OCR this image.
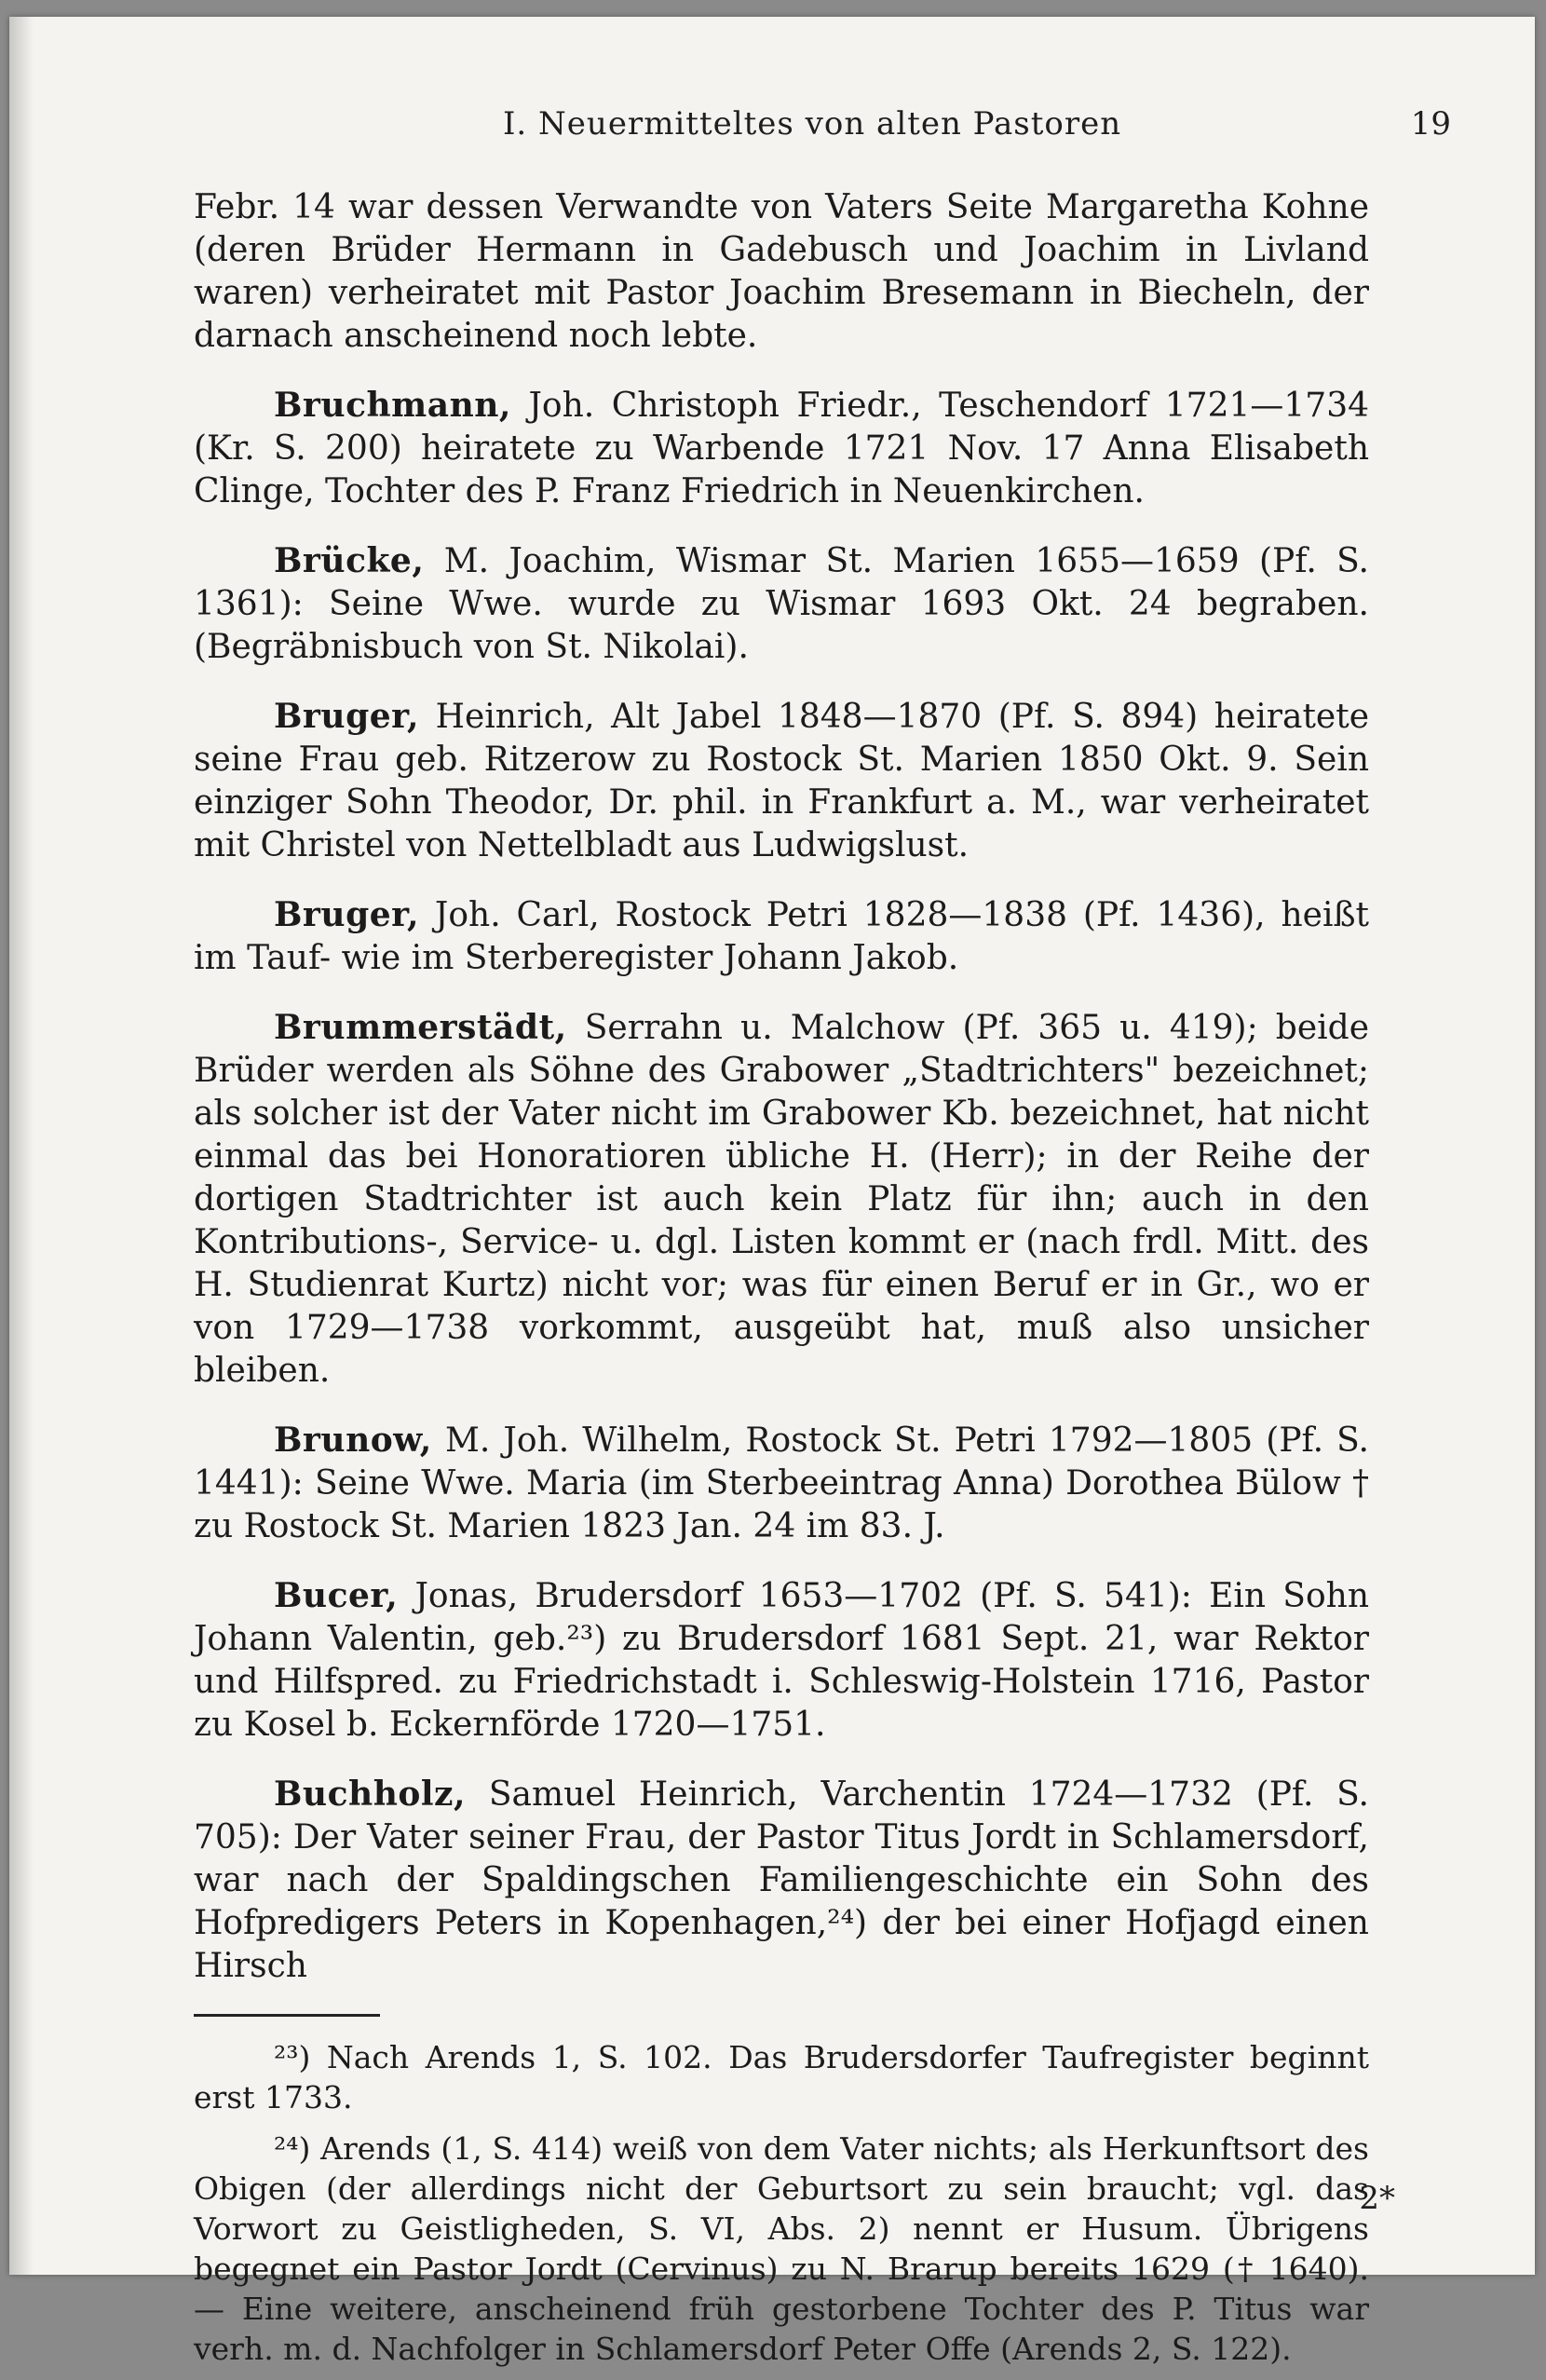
I. Neuermitteltes von alten Pastoren	19

Febr. 14 war dessen Verwandte von Vaters Seite Margaretha Kohne (deren Brüder Hermann in Gadebusch und Joachim in Livland waren) verheiratet mit Pastor Joachim Bresemann in Biecheln, der darnach anscheinend noch lebte.

Bruchmann, Joh. Christoph Friedr., Teschendorf 1721—1734 (Kr. S. 200) heiratete zu Warbende 1721 Nov. 17 Anna Elisabeth Clinge, Tochter des P. Franz Friedrich in Neuenkirchen.

Brücke, M. Joachim, Wismar St. Marien 1655—1659 (Pf. S. 1361): Seine Wwe. wurde zu Wismar 1693 Okt. 24 begraben. (Begräbnisbuch von St. Nikolai).

Bruger, Heinrich, Alt Jabel 1848—1870 (Pf. S. 894) heiratete seine Frau geb. Ritzerow zu Rostock St. Marien 1850 Okt. 9. Sein einziger Sohn Theodor, Dr. phil. in Frankfurt a. M., war verheiratet mit Christel von Nettelbladt aus Ludwigslust.

Bruger, Joh. Carl, Rostock Petri 1828—1838 (Pf. 1436), heißt im Tauf- wie im Sterberegister Johann Jakob.

Brummerstädt, Serrahn u. Malchow (Pf. 365 u. 419); beide Brüder werden als Söhne des Grabower „Stadtrichters" bezeichnet; als solcher ist der Vater nicht im Grabower Kb. bezeichnet, hat nicht einmal das bei Honoratioren übliche H. (Herr); in der Reihe der dortigen Stadtrichter ist auch kein Platz für ihn; auch in den Kontributions-, Service- u. dgl. Listen kommt er (nach frdl. Mitt. des H. Studienrat Kurtz) nicht vor; was für einen Beruf er in Gr., wo er von 1729—1738 vorkommt, ausgeübt hat, muß also unsicher bleiben.

Brunow, M. Joh. Wilhelm, Rostock St. Petri 1792—1805 (Pf. S. 1441): Seine Wwe. Maria (im Sterbeeintrag Anna) Dorothea Bülow † zu Rostock St. Marien 1823 Jan. 24 im 83. J.

Bucer, Jonas, Brudersdorf 1653—1702 (Pf. S. 541): Ein Sohn Johann Valentin, geb.²³) zu Brudersdorf 1681 Sept. 21, war Rektor und Hilfspred. zu Friedrichstadt i. Schleswig-Holstein 1716, Pastor zu Kosel b. Eckernförde 1720—1751.

Buchholz, Samuel Heinrich, Varchentin 1724—1732 (Pf. S. 705): Der Vater seiner Frau, der Pastor Titus Jordt in Schlamersdorf, war nach der Spaldingschen Familiengeschichte ein Sohn des Hofpredigers Peters in Kopenhagen,²⁴) der bei einer Hofjagd einen Hirsch

²³) Nach Arends 1, S. 102. Das Brudersdorfer Taufregister beginnt erst 1733.

²⁴) Arends (1, S. 414) weiß von dem Vater nichts; als Herkunftsort des Obigen (der allerdings nicht der Geburtsort zu sein braucht; vgl. das Vorwort zu Geistligheden, S. VI, Abs. 2) nennt er Husum. Übrigens begegnet ein Pastor Jordt (Cervinus) zu N. Brarup bereits 1629 († 1640). — Eine weitere, anscheinend früh gestorbene Tochter des P. Titus war verh. m. d. Nachfolger in Schlamersdorf Peter Offe (Arends 2, S. 122).

2*
